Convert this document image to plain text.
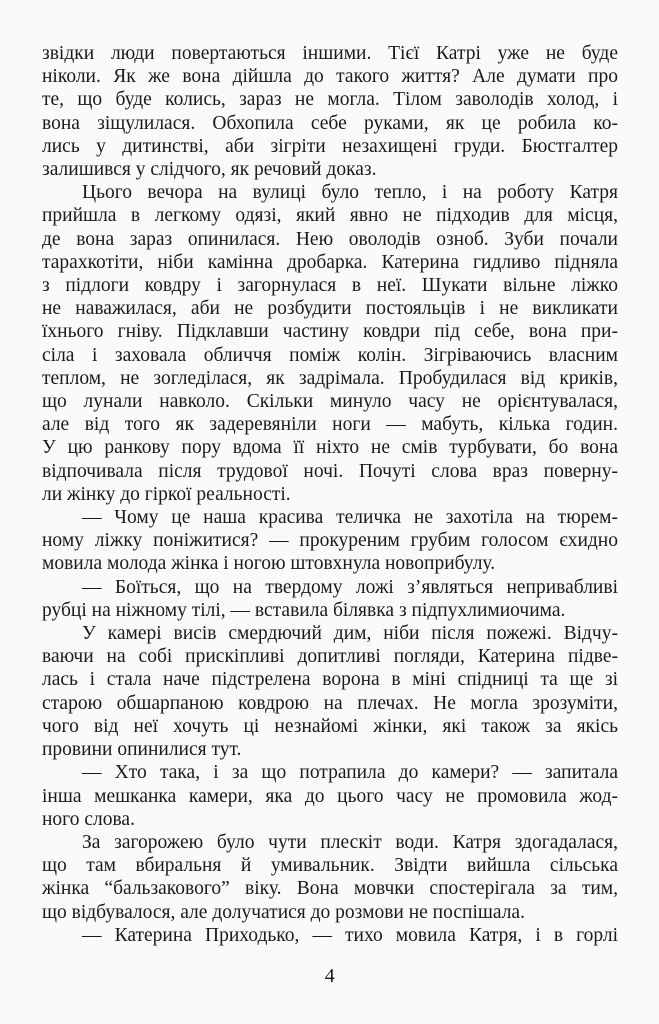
звідки люди повертаються іншими. Тієї Катрі уже не буде
ніколи. Як же вона дійшла до такого життя? Але думати про
те, що буде колись, зараз не могла. Тілом заволодів холод, і
вона зіщулилася. Обхопила себе руками, як це робила ко-
лись у дитинстві, аби зігріти незахищені груди. Бюстгалтер
залишився у слідчого, як речовий доказ.

Цього вечора на вулиці було тепло, і на роботу Катря
прийшла в легкому одязі, який явно не підходив для місця,
де вона зараз опинилася. Нею оволодів озноб. Зуби почали
тарахкотіти, ніби камінна дробарка. Катерина гидливо підняла
з підлоги ковдру і загорнулася в неї. Шукати вільне ліжко
не наважилася, аби не розбудити постояльців і не викликати
їхнього гніву. Підклавши частину ковдри під себе, вона при-
сіла і заховала обличчя поміж колін. Зігріваючись власним
теплом, не зогледілася, як задрімала. Пробудилася від криків,
що лунали навколо. Скільки минуло часу не орієнтувалася,
але від того як задеревяніли ноги — мабуть, кілька годин.
У цю ранкову пору вдома її ніхто не смів турбувати, бо вона
відпочивала після трудової ночі. Почуті слова враз поверну-
ли жінку до гіркої реальності.

— Чому це наша красива теличка не захотіла на тюрем-
ному ліжку поніжитися? — прокуреним грубим голосом єхидно
мовила молода жінка і ногою штовхнула новоприбулу.

— Боїться, що на твердому ложі з’являться непривабливі
рубці на ніжному тілі, — вставила білявка з підпухлимиочима.

У камері висів смердючий дим, ніби після пожежі. Відчу-
ваючи на собі прискіпливі допитливі погляди, Катерина підве-
лась і стала наче підстрелена ворона в міні спідниці та ще зі
старою обшарпаною ковдрою на плечах. Не могла зрозуміти,
чого від неї хочуть ці незнайомі жінки, які також за якісь
провини опинилися тут.

— Хто така, і за що потрапила до камери? — запитала
інша мешканка камери, яка до цього часу не промовила жод-
ного слова.

За загорожею було чути плескіт води. Катря здогадалася,
що там вбиральня й умивальник. Звідти вийшла сільська
жінка “бальзакового” віку. Вона мовчки спостерігала за тим,
що відбувалося, але долучатися до розмови не поспішала.

— Катерина Приходько, — тихо мовила Катря, і в горлі

4
